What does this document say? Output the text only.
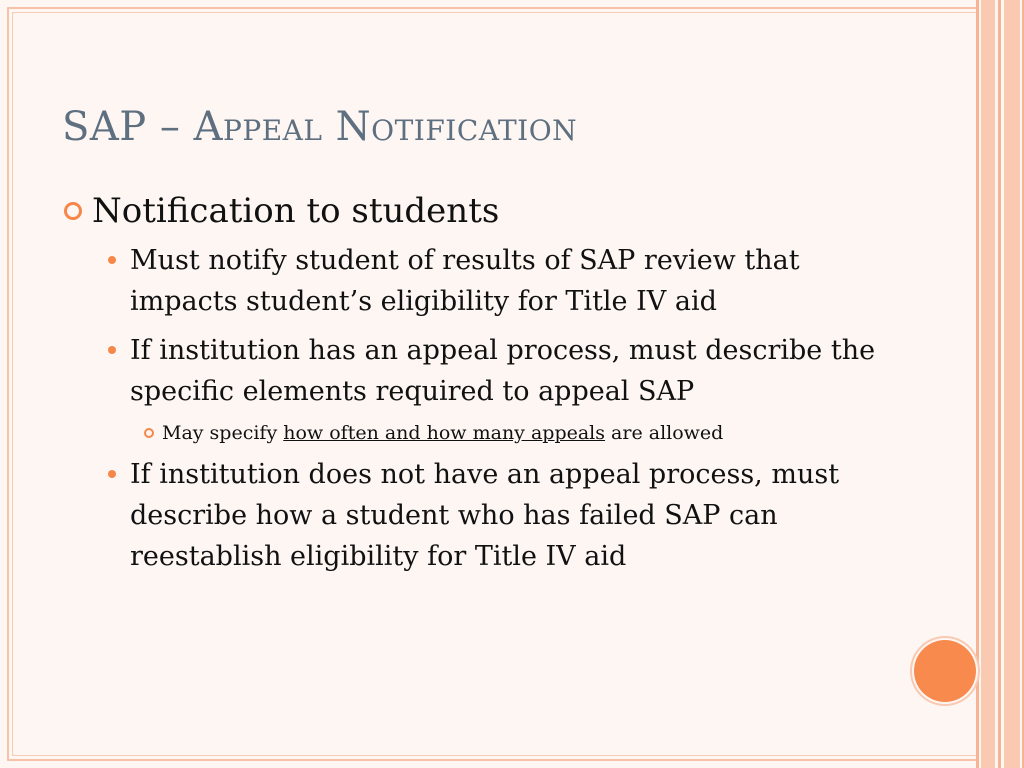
SAP – Appeal Notification
Notification to students
Must notify student of results of SAP review that impacts student’s eligibility for Title IV aid
If institution has an appeal process, must describe the specific elements required to appeal SAP
May specify how often and how many appeals are allowed
If institution does not have an appeal process, must describe how a student who has failed SAP can reestablish eligibility for Title IV aid
